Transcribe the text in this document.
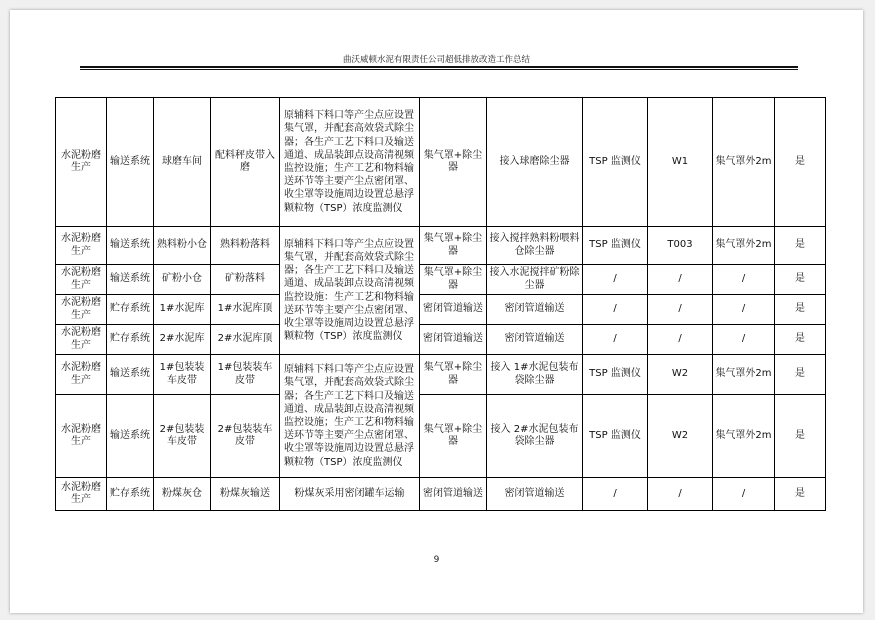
曲沃威顿水泥有限责任公司超低排放改造工作总结
水泥粉磨生产	输送系统	球磨车间	配料秤皮带入磨	原辅料下料口等产尘点应设置集气罩，并配套高效袋式除尘器；各生产工艺下料口及输送通道、成品装卸点设高清视频监控设施；生产工艺和物料输送环节等主要产尘点密闭罩、收尘罩等设施周边设置总悬浮颗粒物（TSP）浓度监测仪	集气罩+除尘器	接入球磨除尘器	TSP 监测仪	W1	集气罩外2m	是
水泥粉磨生产	输送系统	熟料粉小仓	熟料粉落料	原辅料下料口等产尘点应设置集气罩，并配套高效袋式除尘器；各生产工艺下料口及输送通道、成品装卸点设高清视频监控设施：生产工艺和物料输送环节等主要产尘点密闭罩、收尘罩等设施周边设置总悬浮颗粒物（TSP）浓度监测仪	集气罩+除尘器	接入搅拌熟料粉喂料仓除尘器	TSP 监测仪	T003	集气罩外2m	是
水泥粉磨生产	输送系统	矿粉小仓	矿粉落料		集气罩+除尘器	接入水泥搅拌矿粉除尘器	/	/	/	是
水泥粉磨生产	贮存系统	1#水泥库	1#水泥库顶		密闭管道输送	密闭管道输送	/	/	/	是
水泥粉磨生产	贮存系统	2#水泥库	2#水泥库顶		密闭管道输送	密闭管道输送	/	/	/	是
水泥粉磨生产	输送系统	1#包装装车皮带	1#包装装车皮带	原辅料下料口等产尘点应设置集气罩，并配套高效袋式除尘器；各生产工艺下料口及输送通道、成品装卸点设高清视频监控设施；生产工艺和物料输送环节等主要产尘点密闭罩、收尘罩等设施周边设置总悬浮颗粒物（TSP）浓度监测仪	集气罩+除尘器	接入 1#水泥包装布袋除尘器	TSP 监测仪	W2	集气罩外2m	是
水泥粉磨生产	输送系统	2#包装装车皮带	2#包装装车皮带		集气罩+除尘器	接入 2#水泥包装布袋除尘器	TSP 监测仪	W2	集气罩外2m	是
水泥粉磨生产	贮存系统	粉煤灰仓	粉煤灰输送	粉煤灰采用密闭罐车运输	密闭管道输送	密闭管道输送	/	/	/	是
9
